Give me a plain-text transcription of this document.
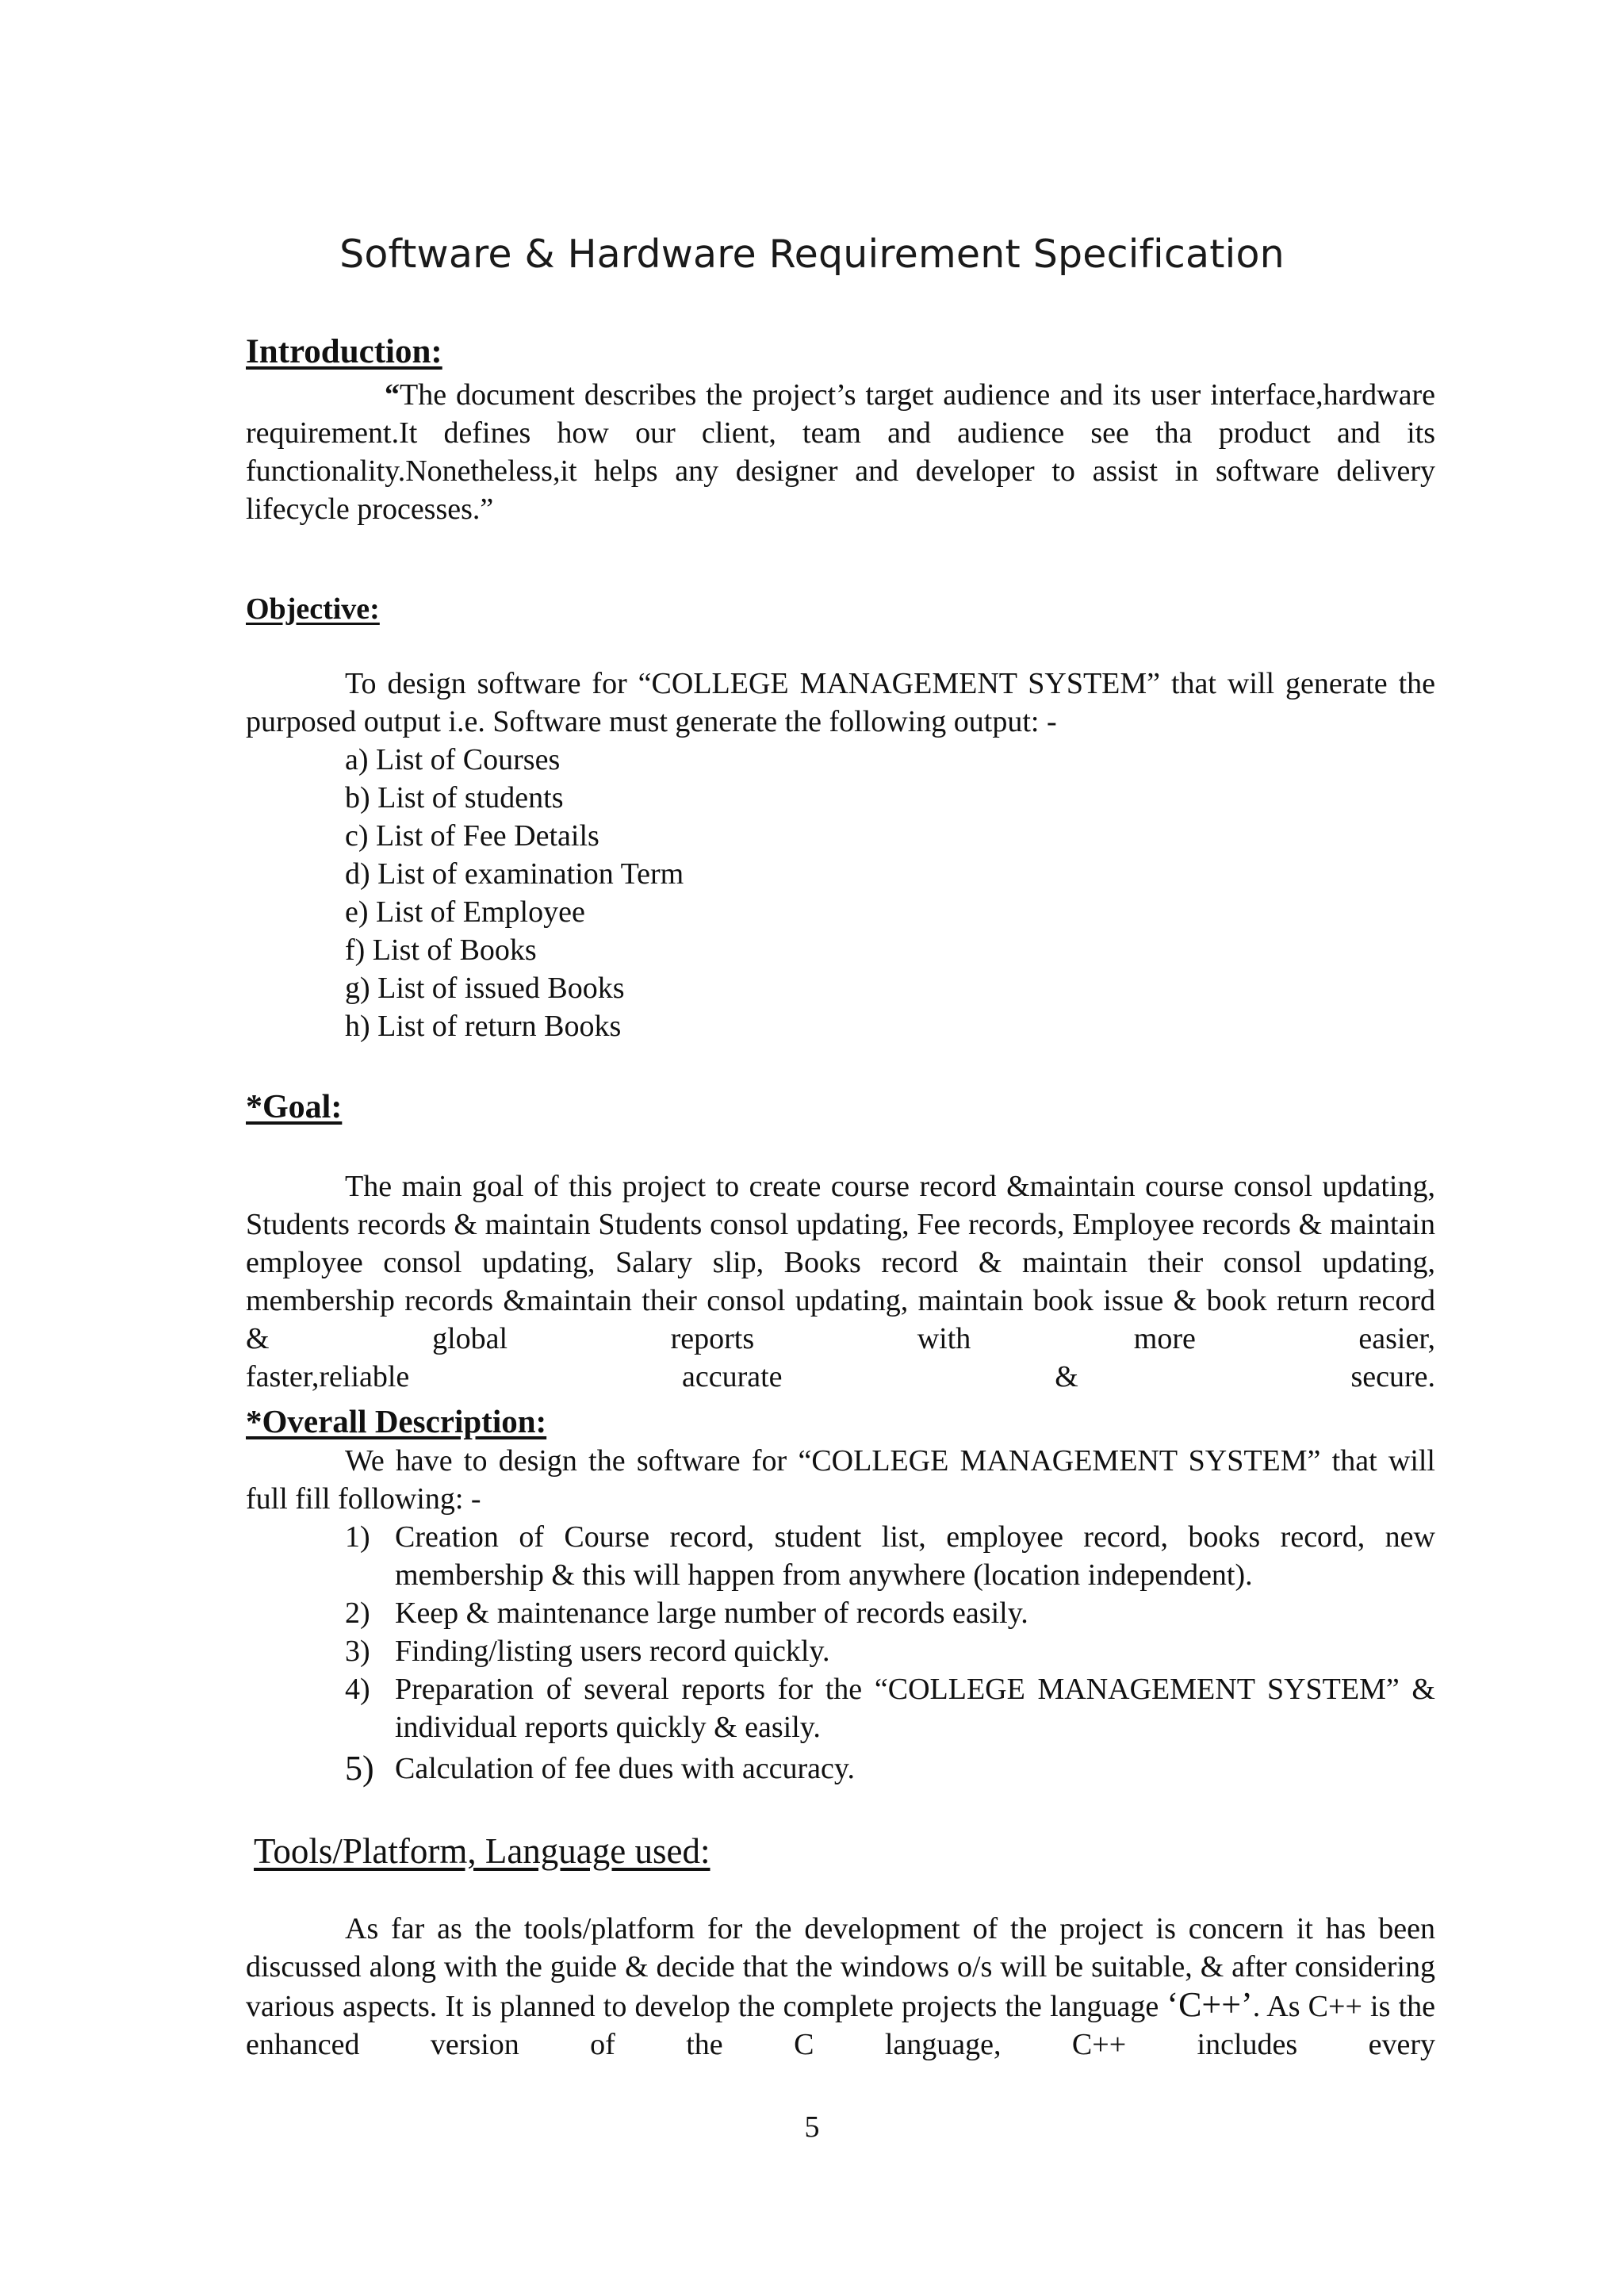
Software & Hardware Requirement Specification
Introduction:

“The document describes the project’s target audience and its user interface,hardware requirement.It defines how our client, team and audience see tha product and its functionality.Nonetheless,it helps any designer and developer to assist in software delivery lifecycle processes.”

Objective:

To design software for “COLLEGE MANAGEMENT SYSTEM” that will generate the purposed output i.e. Software must generate the following output: -

a) List of Courses
b) List of students
c) List of Fee Details
d) List of examination Term
e) List of Employee
f) List of Books
g) List of issued Books
h) List of return Books
*Goal:

The main goal of this project to create course record &maintain course consol updating, Students records & maintain Students consol updating, Fee records, Employee records & maintain employee consol updating, Salary slip, Books record & maintain their consol updating, membership records &maintain their consol updating, maintain book issue & book return record & global reports with more easier,

faster,reliable accurate & secure.

*Overall Description:

We have to design the software for “COLLEGE MANAGEMENT SYSTEM” that will full fill following: -

1) Creation of Course record, student list, employee record, books record, new membership & this will happen from anywhere (location independent).
2) Keep & maintenance large number of records easily.
3) Finding/listing users record quickly.
4) Preparation of several reports for the “COLLEGE MANAGEMENT SYSTEM” & individual reports quickly & easily.
5) Calculation of fee dues with accuracy.
Tools/Platform, Language used:

As far as the tools/platform for the development of the project is concern it has been discussed along with the guide & decide that the windows o/s will be suitable, & after considering various aspects. It is planned to develop the complete projects the language ‘C++’. As C++ is the enhanced version of the C language, C++ includes every

5
